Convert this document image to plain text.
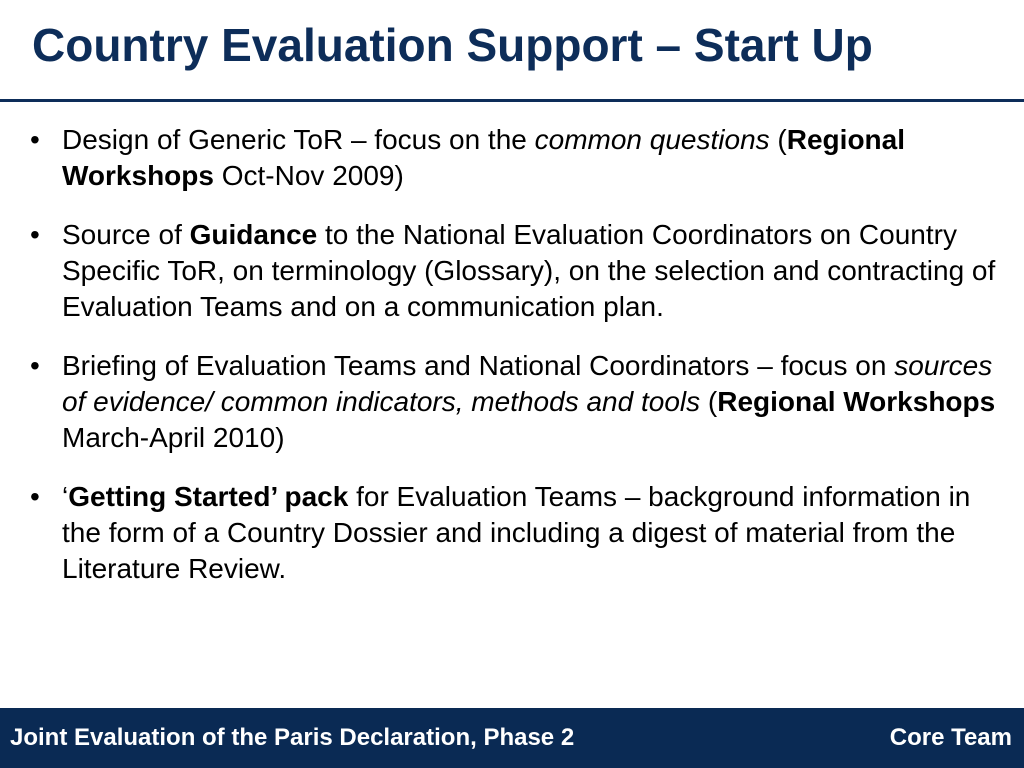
Country Evaluation Support – Start Up
• Design of Generic ToR – focus on the common questions (Regional Workshops Oct-Nov 2009)
• Source of Guidance to the National Evaluation Coordinators on Country Specific ToR, on terminology (Glossary), on the selection and contracting of Evaluation Teams and on a communication plan.
• Briefing of Evaluation Teams and National Coordinators – focus on sources of evidence/ common indicators, methods and tools (Regional Workshops March-April 2010)
• ‘Getting Started’ pack for Evaluation Teams – background information in the form of a Country Dossier and including a digest of material from the Literature Review.
Joint Evaluation of the Paris Declaration, Phase 2	Core Team
